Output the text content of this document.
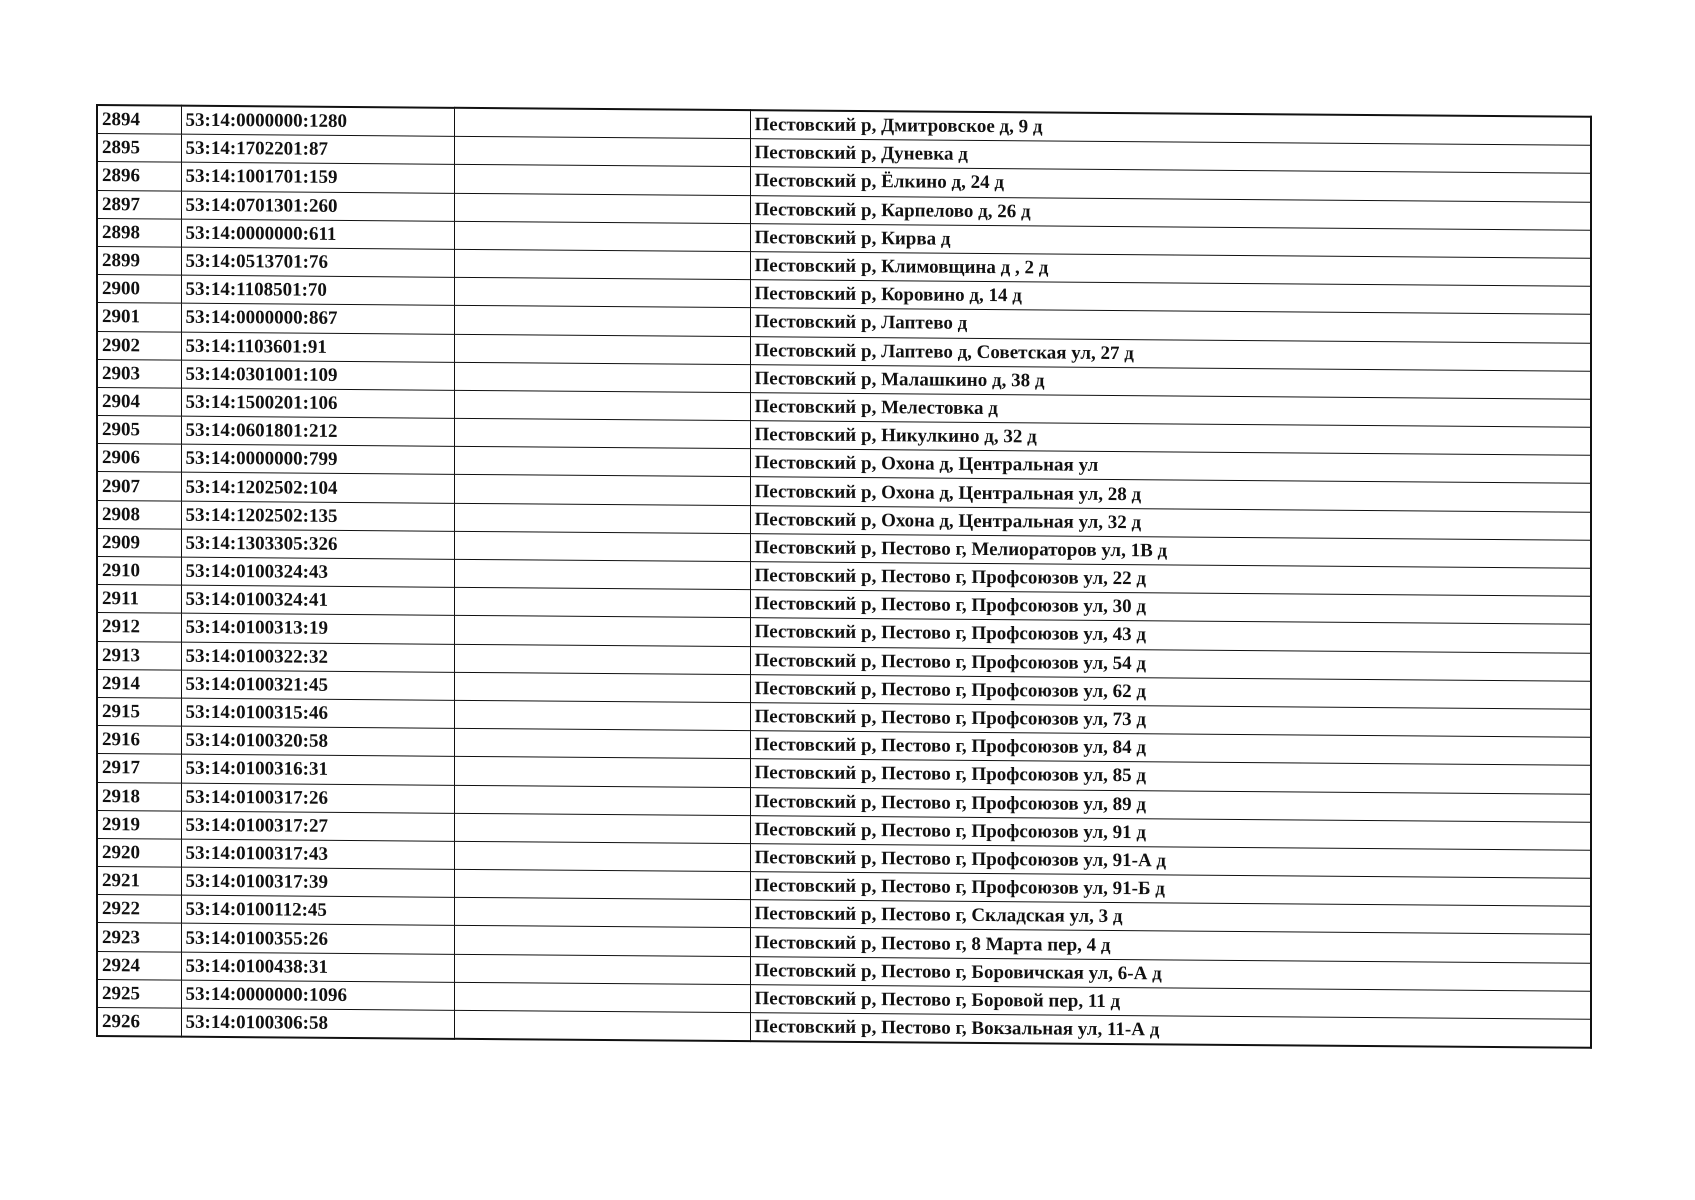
2894	53:14:0000000:1280		Пестовский р, Дмитровское д, 9 д
2895	53:14:1702201:87		Пестовский р, Дуневка д
2896	53:14:1001701:159		Пестовский р, Ёлкино д, 24 д
2897	53:14:0701301:260		Пестовский р, Карпелово д, 26 д
2898	53:14:0000000:611		Пестовский р, Кирва д
2899	53:14:0513701:76		Пестовский р, Климовщина д , 2 д
2900	53:14:1108501:70		Пестовский р, Коровино д, 14 д
2901	53:14:0000000:867		Пестовский р, Лаптево д
2902	53:14:1103601:91		Пестовский р, Лаптево д, Советская ул, 27 д
2903	53:14:0301001:109		Пестовский р, Малашкино д, 38 д
2904	53:14:1500201:106		Пестовский р, Мелестовка д
2905	53:14:0601801:212		Пестовский р, Никулкино д, 32 д
2906	53:14:0000000:799		Пестовский р, Охона д, Центральная ул
2907	53:14:1202502:104		Пестовский р, Охона д, Центральная ул, 28 д
2908	53:14:1202502:135		Пестовский р, Охона д, Центральная ул, 32 д
2909	53:14:1303305:326		Пестовский р, Пестово г, Мелиораторов ул, 1В д
2910	53:14:0100324:43		Пестовский р, Пестово г, Профсоюзов ул, 22 д
2911	53:14:0100324:41		Пестовский р, Пестово г, Профсоюзов ул, 30 д
2912	53:14:0100313:19		Пестовский р, Пестово г, Профсоюзов ул, 43 д
2913	53:14:0100322:32		Пестовский р, Пестово г, Профсоюзов ул, 54 д
2914	53:14:0100321:45		Пестовский р, Пестово г, Профсоюзов ул, 62 д
2915	53:14:0100315:46		Пестовский р, Пестово г, Профсоюзов ул, 73 д
2916	53:14:0100320:58		Пестовский р, Пестово г, Профсоюзов ул, 84 д
2917	53:14:0100316:31		Пестовский р, Пестово г, Профсоюзов ул, 85 д
2918	53:14:0100317:26		Пестовский р, Пестово г, Профсоюзов ул, 89 д
2919	53:14:0100317:27		Пестовский р, Пестово г, Профсоюзов ул, 91 д
2920	53:14:0100317:43		Пестовский р, Пестово г, Профсоюзов ул, 91-А д
2921	53:14:0100317:39		Пестовский р, Пестово г, Профсоюзов ул, 91-Б д
2922	53:14:0100112:45		Пестовский р, Пестово г, Складская ул, 3 д
2923	53:14:0100355:26		Пестовский р, Пестово г, 8 Марта пер, 4 д
2924	53:14:0100438:31		Пестовский р, Пестово г, Боровичская ул, 6-А д
2925	53:14:0000000:1096		Пестовский р, Пестово г, Боровой пер, 11 д
2926	53:14:0100306:58		Пестовский р, Пестово г, Вокзальная ул, 11-А д
